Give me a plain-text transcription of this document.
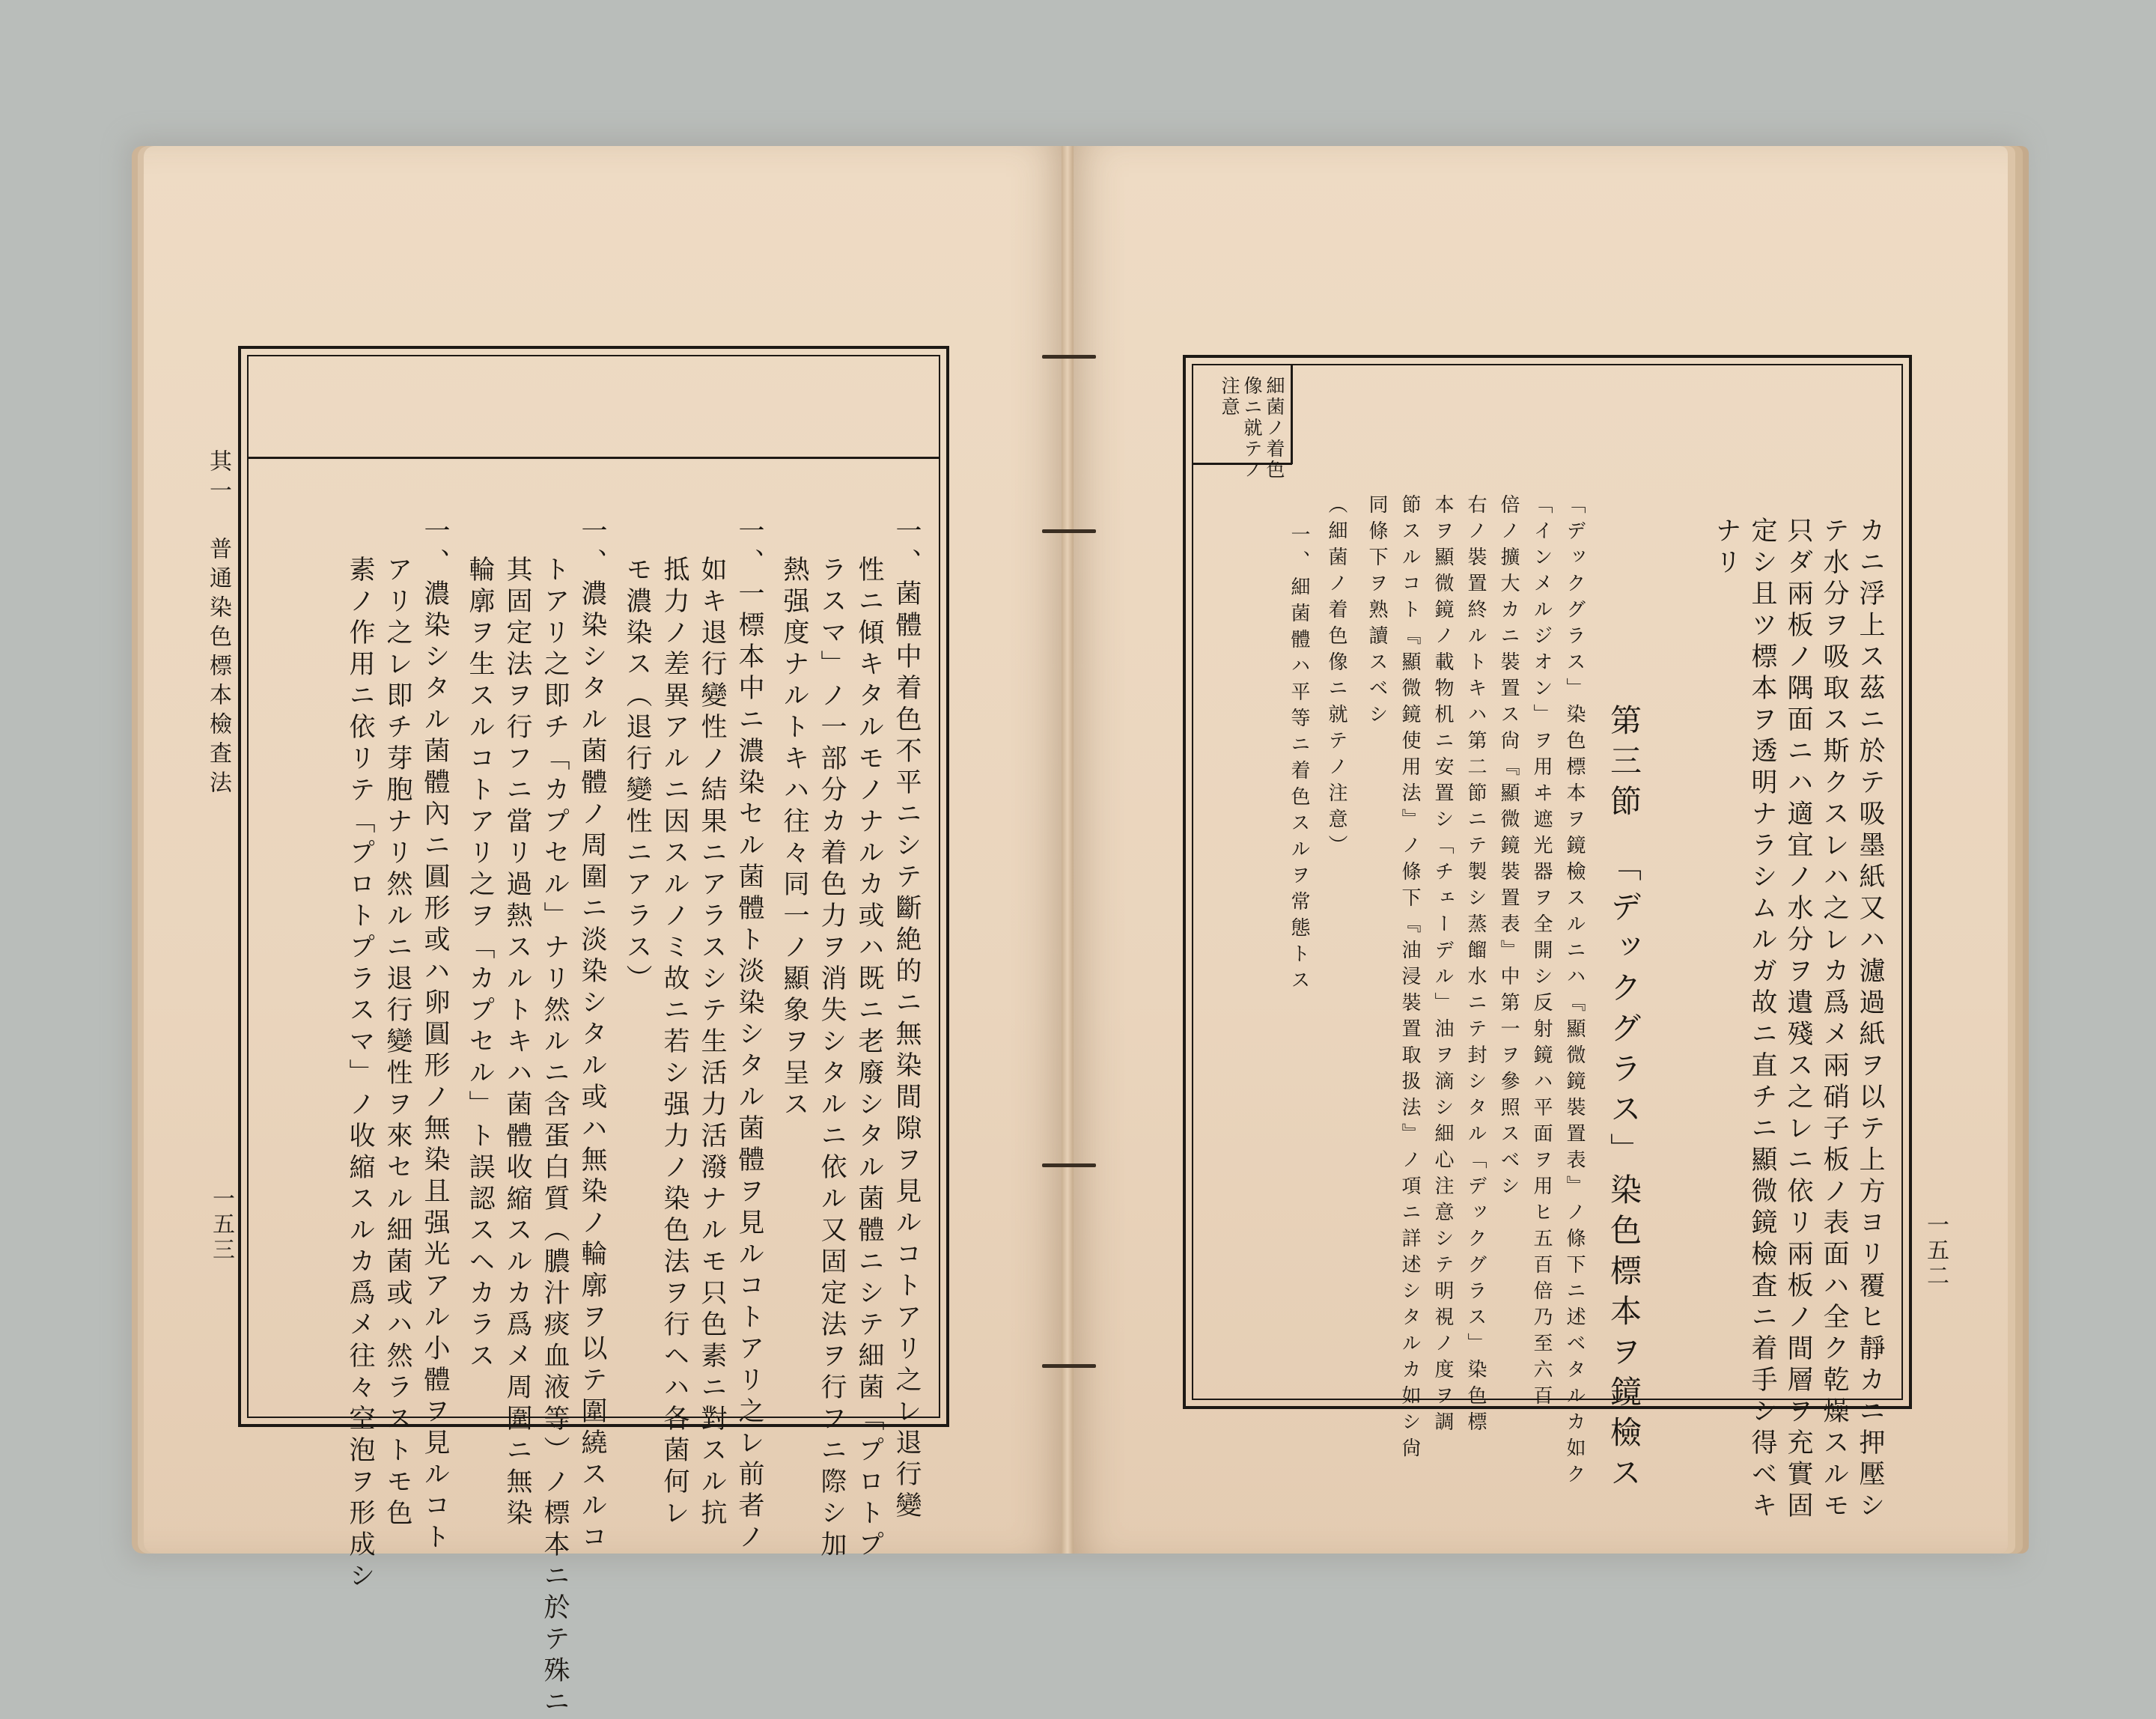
其一　普通染色標本檢査法
一五三	一、菌體中着色不平ニシテ斷絶的ニ無染間隙ヲ見ルコトアリ之レ退行變
性ニ傾キタルモノナルカ或ハ既ニ老廢シタル菌體ニシテ細菌「プロトプ
ラスマ」ノ一部分カ着色力ヲ消失シタルニ依ル又固定法ヲ行フニ際シ加
熱强度ナルトキハ往々同一ノ顯象ヲ呈ス
一、一標本中ニ濃染セル菌體ト淡染シタル菌體ヲ見ルコトアリ之レ前者ノ
如キ退行變性ノ結果ニアラスシテ生活力活潑ナルモ只色素ニ對スル抗
抵力ノ差異アルニ因スルノミ故ニ若シ强力ノ染色法ヲ行ヘハ各菌何レ
モ濃染ス（退行變性ニアラス）
一、濃染シタル菌體ノ周圍ニ淡染シタル或ハ無染ノ輪廓ヲ以テ圍繞スルコ
トアリ之即チ「カプセル」ナリ然ルニ含蛋白質（膿汁痰血液等）ノ標本ニ於テ殊ニ
其固定法ヲ行フニ當リ過熱スルトキハ菌體收縮スルカ爲メ周圍ニ無染
輪廓ヲ生スルコトアリ之ヲ「カプセル」ト誤認スヘカラス
一、濃染シタル菌體內ニ圓形或ハ卵圓形ノ無染且强光アル小體ヲ見ルコト
アリ之レ即チ芽胞ナリ然ルニ退行變性ヲ來セル細菌或ハ然ラストモ色
素ノ作用ニ依リテ「プロトプラスマ」ノ收縮スルカ爲メ往々空泡ヲ形成シ
細菌ノ着色
像ニ就テノ
注意
一五二
カニ浮上ス茲ニ於テ吸墨紙又ハ濾過紙ヲ以テ上方ヨリ覆ヒ靜カニ押壓シ
テ水分ヲ吸取ス斯クスレハ之レカ爲メ兩硝子板ノ表面ハ全ク乾燥スルモ
只ダ兩板ノ隅面ニハ適宜ノ水分ヲ遺殘ス之レニ依リ兩板ノ間層ヲ充實固
定シ且ツ標本ヲ透明ナラシムルガ故ニ直チニ顯微鏡檢査ニ着手シ得ベキ
ナリ
第三節　「デックグラス」染色標本ヲ鏡檢ス
「デックグラス」染色標本ヲ鏡檢スルニハ『顯微鏡裝置表』ノ條下ニ述ベタルカ如ク
「インメルジオン」ヲ用ヰ遮光器ヲ全開シ反射鏡ハ平面ヲ用ヒ五百倍乃至六百
倍ノ擴大カニ裝置ス尙『顯微鏡裝置表』中第一ヲ參照スベシ
右ノ裝置終ルトキハ第二節ニテ製シ蒸餾水ニテ封シタル「デックグラス」染色標
本ヲ顯微鏡ノ載物机ニ安置シ「チェーデル」油ヲ滴シ細心注意シテ明視ノ度ヲ調
節スルコト『顯微鏡使用法』ノ條下『油浸裝置取扱法』ノ項ニ詳述シタルカ如シ尙
同條下ヲ熟讀スベシ
（細菌ノ着色像ニ就テノ注意）
一、細菌體ハ平等ニ着色スルヲ常態トス
